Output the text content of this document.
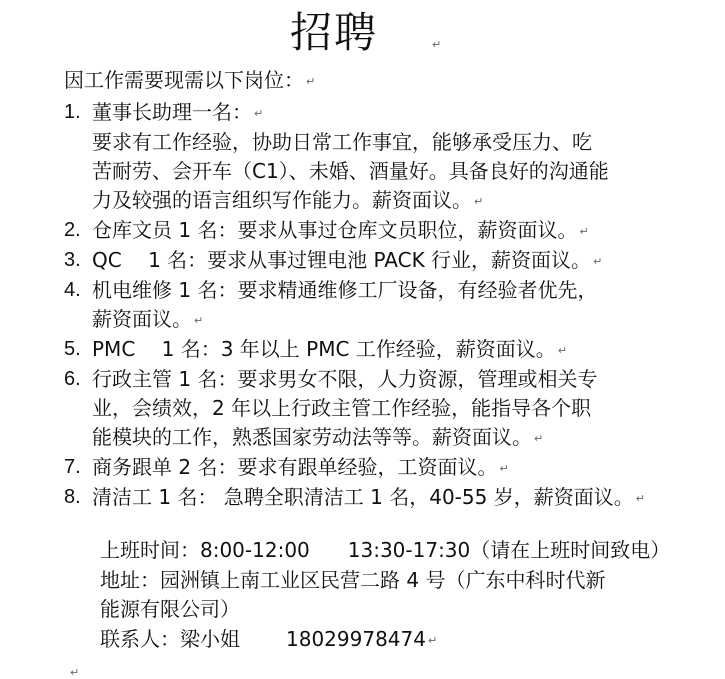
招聘	↵
因工作需要现需以下岗位： ↵
1. 董事长助理一名： ↵
要求有工作经验，协助日常工作事宜，能够承受压力、吃
苦耐劳、会开车（C1）、未婚、酒量好。具备良好的沟通能
力及较强的语言组织写作能力。薪资面议。 ↵
2. 仓库文员 1 名：要求从事过仓库文员职位，薪资面议。 ↵
3. QC　 1 名：要求从事过锂电池 PACK 行业，薪资面议。 ↵
4. 机电维修 1 名：要求精通维修工厂设备，有经验者优先，
薪资面议。 ↵
5. PMC　 1 名：3 年以上 PMC 工作经验，薪资面议。 ↵
6. 行政主管 1 名：要求男女不限，人力资源，管理或相关专
业，会绩效，2 年以上行政主管工作经验，能指导各个职
能模块的工作，熟悉国家劳动法等等。薪资面议。 ↵
7. 商务跟单 2 名：要求有跟单经验，工资面议。 ↵
8. 清洁工 1 名： 急聘全职清洁工 1 名，40-55 岁，薪资面议。 ↵
上班时间：8:00-12:00 13:30-17:30（请在上班时间致电）
地址：园洲镇上南工业区民营二路 4 号（广东中科时代新
能源有限公司）
联系人：梁小姐 18029978474 ↵
↵
